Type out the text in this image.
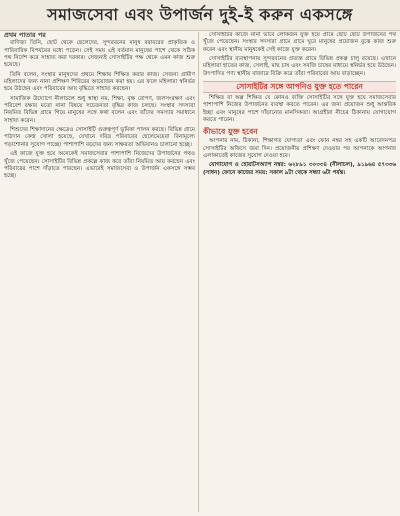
সমাজসেবা এবং উপার্জন দুই-ই করুন একসঙ্গে
প্রথম পাতার পর

বাণিজ্য তিনি, ছোট থেকে ছেলেদের, সুন্দরবনের মানুষ বরাবরের প্রাকৃতিক ও পারিবারিক বিপর্যয়ের মধ্যে পড়েন। সেই সময় এই বর্তমান মানুষের পাশে থেকে সঠিক পথ নির্দেশ করে সাহায্য করা দরকার। সেজন্যই সোসাইটির পক্ষ থেকে এমন কাজ শুরু হয়েছে।

তিনি বলেন, সংস্থার মানুষদের প্রথমে শিক্ষায় শিক্ষিত করার কাজ। সেজন্য গ্রামীণ মহিলাদের জন্য নানা প্রশিক্ষণ শিবিরের আয়োজন করা হয়। এর ফলে মহিলারা স্বনির্ভর হয়ে উঠছেন এবং পরিবারের আয় বৃদ্ধিতে সাহায্য করছেন।

সামাজিক উদ্যোগে নীলাচলে শুধু স্বাস্থ্য নয়, শিক্ষা, বৃক্ষ রোপণ, জলসংরক্ষণ এবং পরিবেশ রক্ষার মতো নানা বিষয়ে সচেতনতা বৃদ্ধির কাজ চলছে। সংস্থার সদস্যরা নিয়মিত বিভিন্ন গ্রামে গিয়ে মানুষের সঙ্গে কথা বলেন এবং তাঁদের সমস্যার সমাধানে সাহায্য করেন।

শিশুদের শিক্ষাদানের ক্ষেত্রেও সোসাইটি গুরুত্বপূর্ণ ভূমিকা পালন করছে। বিভিন্ন গ্রামে পাঠদান কেন্দ্র খোলা হয়েছে, যেখানে দরিদ্র পরিবারের ছেলেমেয়েরা বিনামূল্যে পড়াশোনার সুযোগ পাচ্ছে। পাশাপাশি বড়দের জন্য সাক্ষরতা অভিযানও চালানো হচ্ছে।

এই কাজে যুক্ত হয়ে অনেকেই সমাজসেবার পাশাপাশি নিজেদের উপার্জনের পথও খুঁজে পেয়েছেন। সোসাইটির বিভিন্ন প্রকল্পে কাজ করে তাঁরা নিয়মিত আয় করছেন এবং পরিবারের পাশে দাঁড়াতে পারছেন। এভাবেই সমাজসেবা ও উপার্জন একসঙ্গে সম্ভব হচ্ছে।

সোসাইটির কাজে নানা ভাবে লোকজন যুক্ত হয়ে প্রামে ছোট ছোট উপার্জনের পথ খুঁজে পেয়েছেন। সংস্থার সদস্যরা গ্রামে গ্রামে ঘুরে মানুষের প্রয়োজন বুঝে কাজ শুরু করেন এবং স্থানীয় মানুষকেই সেই কাজে যুক্ত করেন।

সোসাইটির ব্যবস্থাপনায় সুন্দরবনের প্রত্যন্ত গ্রামে বিভিন্ন প্রকল্প চালু রয়েছে। এখানে মহিলারা হাতের কাজ, সেলাই, মাছ চাষ এবং সবজি চাষের মাধ্যমে স্বনির্ভর হয়ে উঠছেন। উৎপাদিত পণ্য স্থানীয় বাজারে বিক্রি করে তাঁরা পরিবারের আয় বাড়াচ্ছেন।

সোসাইটির সঙ্গে আপনিও যুক্ত হতে পারেন

শিক্ষিত বা অল্প শিক্ষিত যে কোনও ব্যক্তি সোসাইটির সঙ্গে যুক্ত হয়ে সমাজসেবার পাশাপাশি নিজের উপার্জনের ব্যবস্থা করতে পারেন। এর জন্য প্রয়োজন শুধু আন্তরিক ইচ্ছা এবং মানুষের পাশে দাঁড়ানোর মানসিকতা। আগ্রহীরা নীচের ঠিকানায় যোগাযোগ করতে পারেন।

কীভাবে যুক্ত হবেন

আপনার নাম, ঠিকানা, শিক্ষাগত যোগ্যতা এবং ফোন নম্বর সহ একটি আবেদনপত্র সোসাইটির অফিসে জমা দিন। প্রয়োজনীয় প্রশিক্ষণ দেওয়ার পর আপনাকে আপনার এলাকাতেই কাজের সুযোগ দেওয়া হবে।

যোগাযোগ ও হোয়াটসঅ্যাপ নম্বর: ৬২৮৯১ ৩০৩৩৪ (নীলাচল), ৯১৯৬৪ ৫৭৩৩৬ (সাধন) ফোনে কাজের সময়: সকাল ৯টা থেকে সন্ধ্যা ৬টা পর্যন্ত।
